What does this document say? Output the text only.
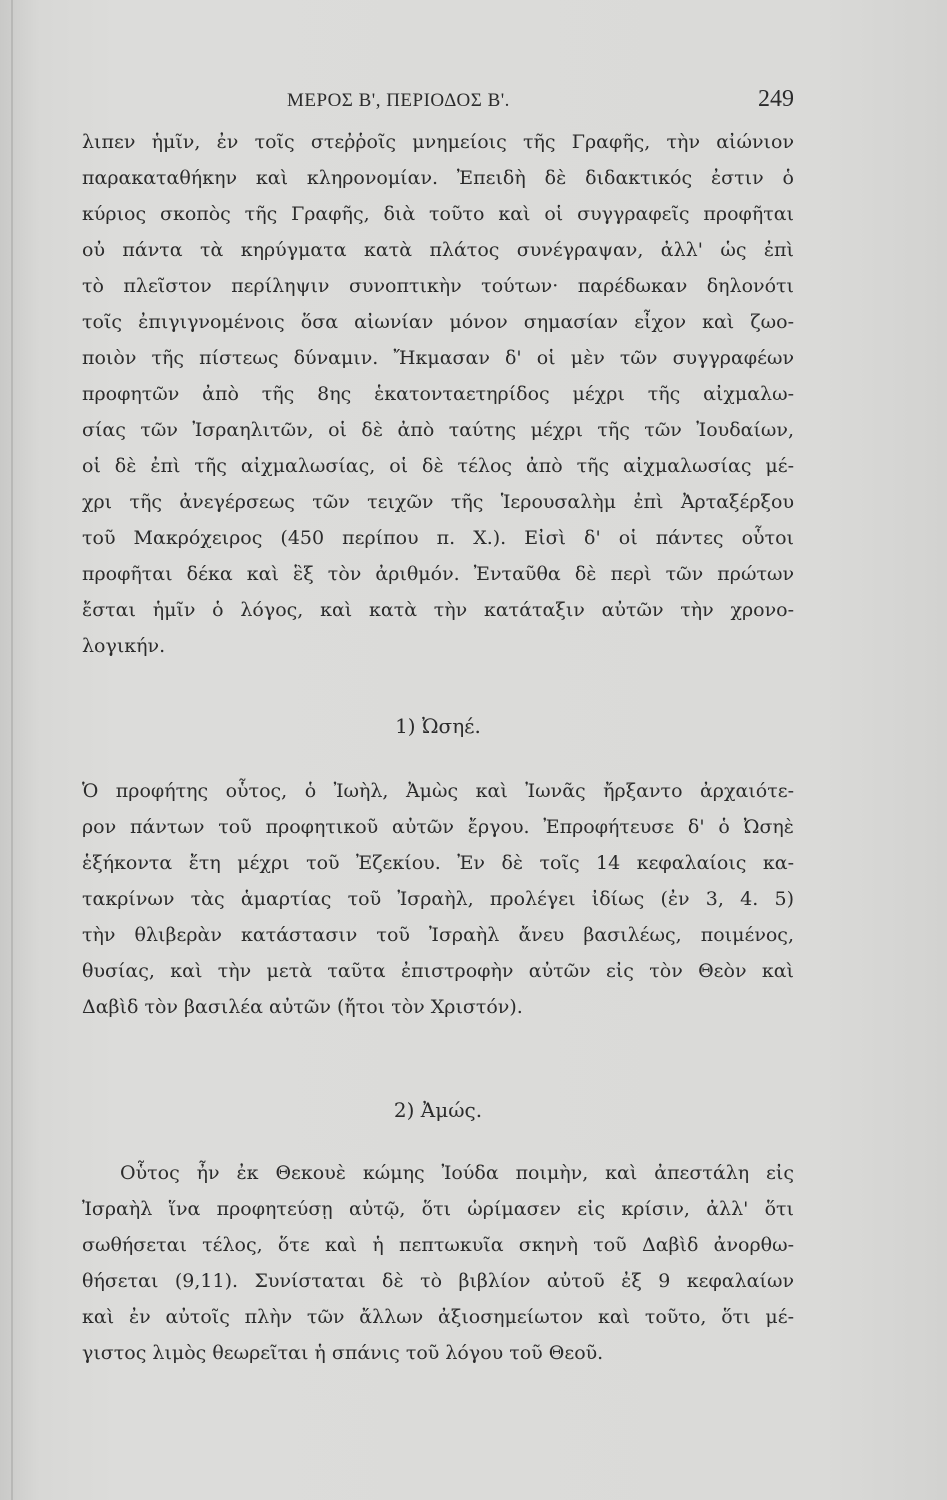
ΜΕΡΟΣ Β', ΠΕΡΙΟΔΟΣ Β'.	249
λιπεν ἡμῖν, ἐν τοῖς στεῤῥοῖς μνημείοις τῆς Γραφῆς, τὴν αἰώνιον
παρακαταθήκην καὶ κληρονομίαν. Ἐπειδὴ δὲ διδακτικός ἐστιν ὁ
κύριος σκοπὸς τῆς Γραφῆς, διὰ τοῦτο καὶ οἱ συγγραφεῖς προφῆται
οὐ πάντα τὰ κηρύγματα κατὰ πλάτος συνέγραψαν, ἀλλ' ὡς ἐπὶ
τὸ πλεῖστον περίληψιν συνοπτικὴν τούτων· παρέδωκαν δηλονότι
τοῖς ἐπιγιγνομένοις ὅσα αἰωνίαν μόνον σημασίαν εἶχον καὶ ζωο-
ποιὸν τῆς πίστεως δύναμιν. Ἤκμασαν δ' οἱ μὲν τῶν συγγραφέων
προφητῶν ἀπὸ τῆς 8ης ἑκατονταετηρίδος μέχρι τῆς αἰχμαλω-
σίας τῶν Ἰσραηλιτῶν, οἱ δὲ ἀπὸ ταύτης μέχρι τῆς τῶν Ἰουδαίων,
οἱ δὲ ἐπὶ τῆς αἰχμαλωσίας, οἱ δὲ τέλος ἀπὸ τῆς αἰχμαλωσίας μέ-
χρι τῆς ἀνεγέρσεως τῶν τειχῶν τῆς Ἱερουσαλὴμ ἐπὶ Ἀρταξέρξου
τοῦ Μακρόχειρος (450 περίπου π. Χ.). Εἰσὶ δ' οἱ πάντες οὗτοι
προφῆται δέκα καὶ ἓξ τὸν ἀριθμόν. Ἐνταῦθα δὲ περὶ τῶν πρώτων
ἔσται ἡμῖν ὁ λόγος, καὶ κατὰ τὴν κατάταξιν αὐτῶν τὴν χρονο-
λογικήν.
1) Ὠσηέ.
Ὁ προφήτης οὗτος, ὁ Ἰωὴλ, Ἀμὼς καὶ Ἰωνᾶς ἤρξαντο ἀρχαιότε-
ρον πάντων τοῦ προφητικοῦ αὐτῶν ἔργου. Ἐπροφήτευσε δ' ὁ Ὠσηὲ
ἑξήκοντα ἔτη μέχρι τοῦ Ἐζεκίου. Ἐν δὲ τοῖς 14 κεφαλαίοις κα-
τακρίνων τὰς ἁμαρτίας τοῦ Ἰσραὴλ, προλέγει ἰδίως (ἐν 3, 4. 5)
τὴν θλιβερὰν κατάστασιν τοῦ Ἰσραὴλ ἄνευ βασιλέως, ποιμένος,
θυσίας, καὶ τὴν μετὰ ταῦτα ἐπιστροφὴν αὐτῶν εἰς τὸν Θεὸν καὶ
Δαβὶδ τὸν βασιλέα αὐτῶν (ἤτοι τὸν Χριστόν).
2) Ἀμώς.
Οὗτος ἦν ἐκ Θεκουὲ κώμης Ἰούδα ποιμὴν, καὶ ἀπεστάλη εἰς
Ἰσραὴλ ἵνα προφητεύσῃ αὐτῷ, ὅτι ὡρίμασεν εἰς κρίσιν, ἀλλ' ὅτι
σωθήσεται τέλος, ὅτε καὶ ἡ πεπτωκυῖα σκηνὴ τοῦ Δαβὶδ ἀνορθω-
θήσεται (9,11). Συνίσταται δὲ τὸ βιβλίον αὐτοῦ ἐξ 9 κεφαλαίων
καὶ ἐν αὐτοῖς πλὴν τῶν ἄλλων ἀξιοσημείωτον καὶ τοῦτο, ὅτι μέ-
γιστος λιμὸς θεωρεῖται ἡ σπάνις τοῦ λόγου τοῦ Θεοῦ.
